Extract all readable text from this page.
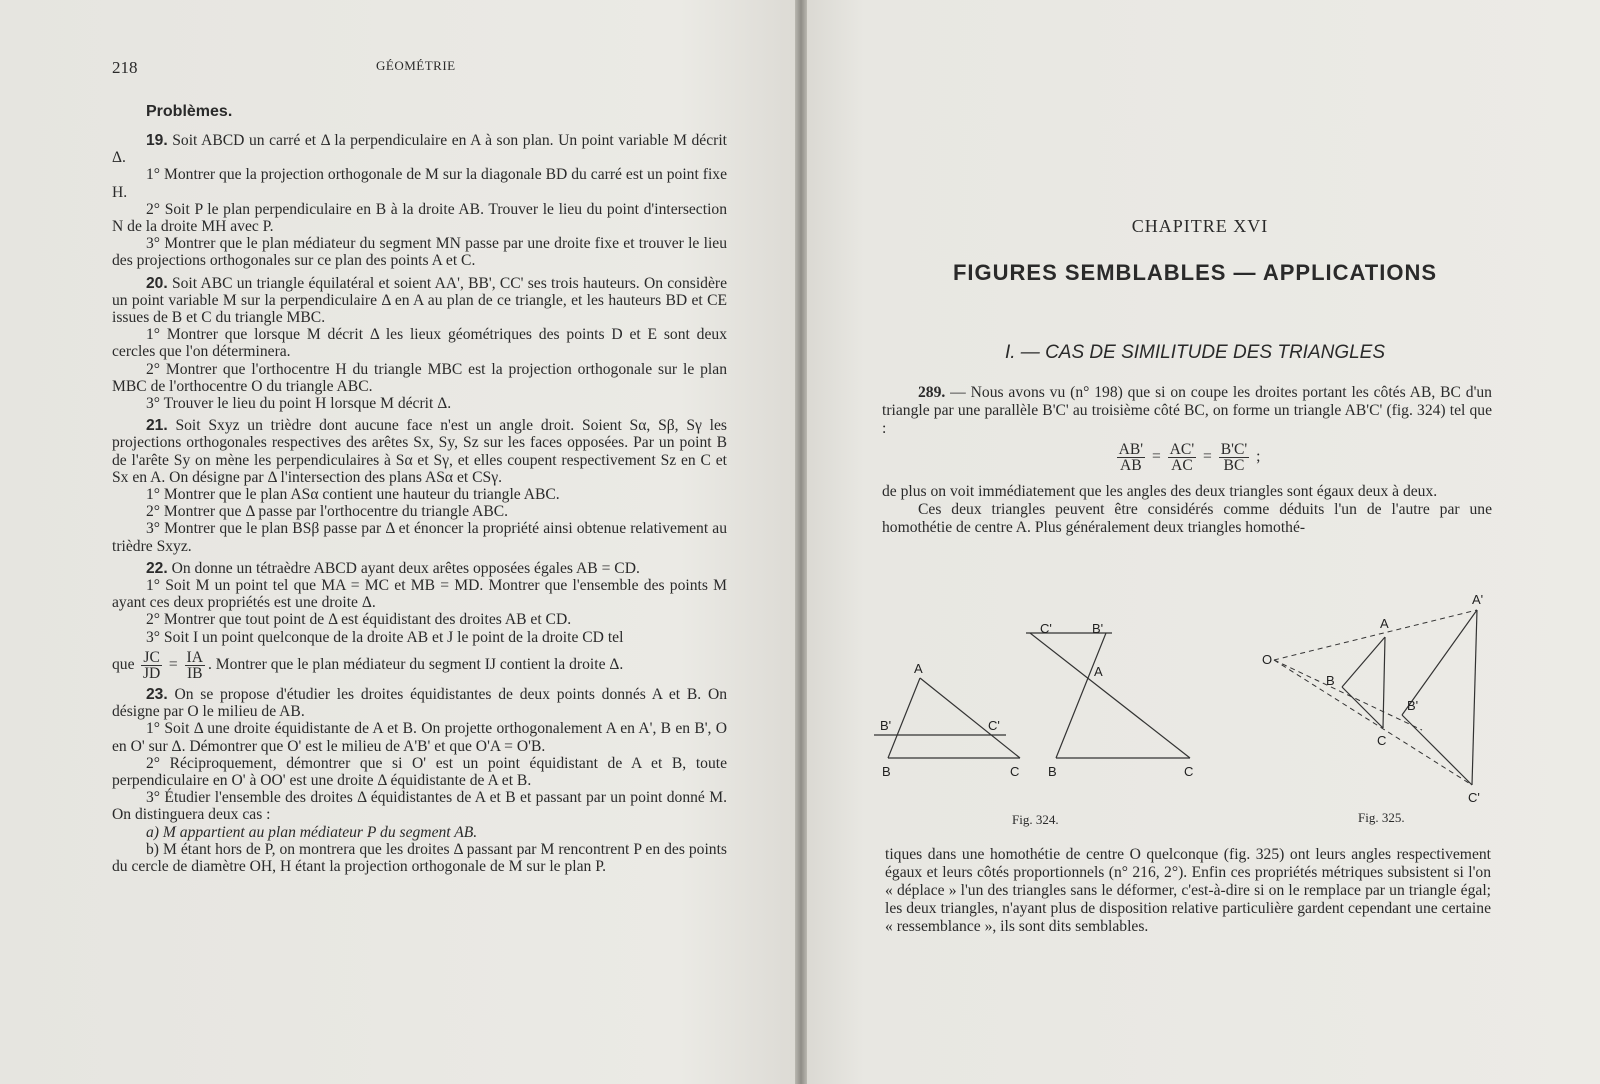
218	GÉOMÉTRIE
Problèmes.

19. Soit ABCD un carré et Δ la perpendiculaire en A à son plan. Un point variable M décrit Δ.

1° Montrer que la projection orthogonale de M sur la diagonale BD du carré est un point fixe H.

2° Soit P le plan perpendiculaire en B à la droite AB. Trouver le lieu du point d'intersection N de la droite MH avec P.

3° Montrer que le plan médiateur du segment MN passe par une droite fixe et trouver le lieu des projections orthogonales sur ce plan des points A et C.

20. Soit ABC un triangle équilatéral et soient AA', BB', CC' ses trois hauteurs. On considère un point variable M sur la perpendiculaire Δ en A au plan de ce triangle, et les hauteurs BD et CE issues de B et C du triangle MBC.

1° Montrer que lorsque M décrit Δ les lieux géométriques des points D et E sont deux cercles que l'on déterminera.

2° Montrer que l'orthocentre H du triangle MBC est la projection orthogonale sur le plan MBC de l'orthocentre O du triangle ABC.

3° Trouver le lieu du point H lorsque M décrit Δ.

21. Soit Sxyz un trièdre dont aucune face n'est un angle droit. Soient Sα, Sβ, Sγ les projections orthogonales respectives des arêtes Sx, Sy, Sz sur les faces opposées. Par un point B de l'arête Sy on mène les perpendiculaires à Sα et Sγ, et elles coupent respectivement Sz en C et Sx en A. On désigne par Δ l'intersection des plans ASα et CSγ.

1° Montrer que le plan ASα contient une hauteur du triangle ABC.

2° Montrer que Δ passe par l'orthocentre du triangle ABC.

3° Montrer que le plan BSβ passe par Δ et énoncer la propriété ainsi obtenue relativement au trièdre Sxyz.

22. On donne un tétraèdre ABCD ayant deux arêtes opposées égales AB = CD.

1° Soit M un point tel que MA = MC et MB = MD. Montrer que l'ensemble des points M ayant ces deux propriétés est une droite Δ.

2° Montrer que tout point de Δ est équidistant des droites AB et CD.

3° Soit I un point quelconque de la droite AB et J le point de la droite CD tel

que $\frac{JC}{JD} = \frac{IA}{IB}$ . Montrer que le plan médiateur du segment IJ contient la droite Δ.

23. On se propose d'étudier les droites équidistantes de deux points donnés A et B. On désigne par O le milieu de AB.

1° Soit Δ une droite équidistante de A et B. On projette orthogonalement A en A', B en B', O en O' sur Δ. Démontrer que O' est le milieu de A'B' et que O'A = O'B.

2° Réciproquement, démontrer que si O' est un point équidistant de A et B, toute perpendiculaire en O' à OO' est une droite Δ équidistante de A et B.

3° Étudier l'ensemble des droites Δ équidistantes de A et B et passant par un point donné M. On distinguera deux cas :

a) M appartient au plan médiateur P du segment AB.

b) M étant hors de P, on montrera que les droites Δ passant par M rencontrent P en des points du cercle de diamètre OH, H étant la projection orthogonale de M sur le plan P.

CHAPITRE XVI
FIGURES SEMBLABLES — APPLICATIONS
I. — CAS DE SIMILITUDE DES TRIANGLES

289. — Nous avons vu (n° 198) que si on coupe les droites portant les côtés AB, BC d'un triangle par une parallèle B'C' au troisième côté BC, on forme un triangle AB'C' (fig. 324) tel que :

$\frac{AB'}{AB} = \frac{AC'}{AC} = \frac{B'C'}{BC}$ ;

de plus on voit immédiatement que les angles des deux triangles sont égaux deux à deux.

Ces deux triangles peuvent être considérés comme déduits l'un de l'autre par une homothétie de centre A. Plus généralement deux triangles homothé-

A
B'	C'
B	C
C'	B'
A
B	C
Fig. 324.
O
A
A'
B
B'
C
C'
Fig. 325.

tiques dans une homothétie de centre O quelconque (fig. 325) ont leurs angles respectivement égaux et leurs côtés proportionnels (n° 216, 2°). Enfin ces propriétés métriques subsistent si l'on « déplace » l'un des triangles sans le déformer, c'est-à-dire si on le remplace par un triangle égal; les deux triangles, n'ayant plus de disposition relative particulière gardent cependant une certaine « ressemblance », ils sont dits semblables.
